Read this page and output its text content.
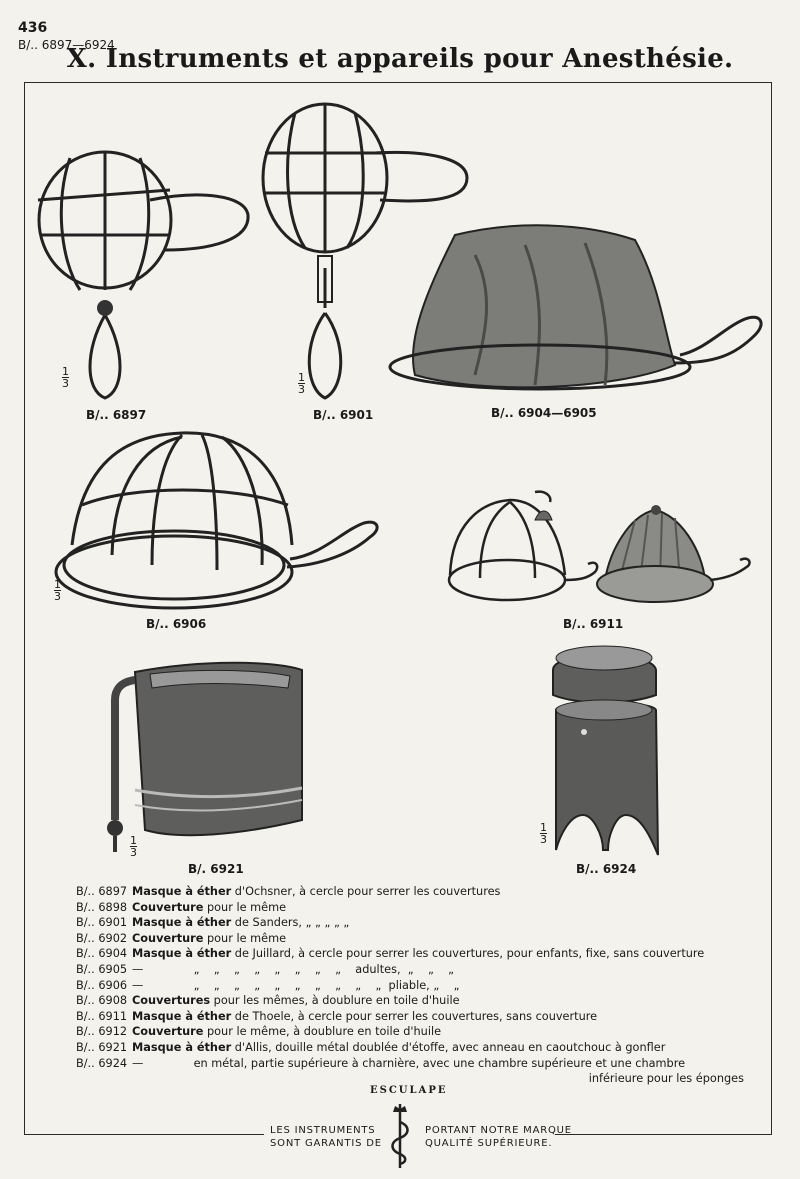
436
B/.. 6897—6924
X. Instruments et appareils pour Anesthésie.
$\frac{1}{3}$
B/.. 6897
$\frac{1}{3}$
B/.. 6901	B/.. 6904—6905
$\frac{1}{3}$
B/.. 6906	B/.. 6911
$\frac{1}{3}$
B/. 6921
$\frac{1}{3}$
B/.. 6924
B/.. 6897 Masque à éther d'Ochsner, à cercle pour serrer les couvertures
B/.. 6898 Couverture pour le même
B/.. 6901 Masque à éther de Sanders, „ „ „ „ „
B/.. 6902 Couverture pour le même
B/.. 6904 Masque à éther de Juillard, à cercle pour serrer les couvertures, pour enfants, fixe, sans couverture
B/.. 6905 —              „    „    „    „    „    „    „    „    adultes,  „    „    „
B/.. 6906 —              „    „    „    „    „    „    „    „    „    „  pliable, „    „
B/.. 6908 Couvertures pour les mêmes, à doublure en toile d'huile
B/.. 6911 Masque à éther de Thoele, à cercle pour serrer les couvertures, sans couverture
B/.. 6912 Couverture pour le même, à doublure en toile d'huile
B/.. 6921 Masque à éther d'Allis, douille métal doublée d'étoffe, avec anneau en caoutchouc à gonfler
B/.. 6924 —              en métal, partie supérieure à charnière, avec une chambre supérieure et une chambre
inférieure pour les éponges
ESCULAPE
LES INSTRUMENTS
SONT GARANTIS DE
PORTANT NOTRE MARQUE
QUALITÉ SUPÉRIEURE.
